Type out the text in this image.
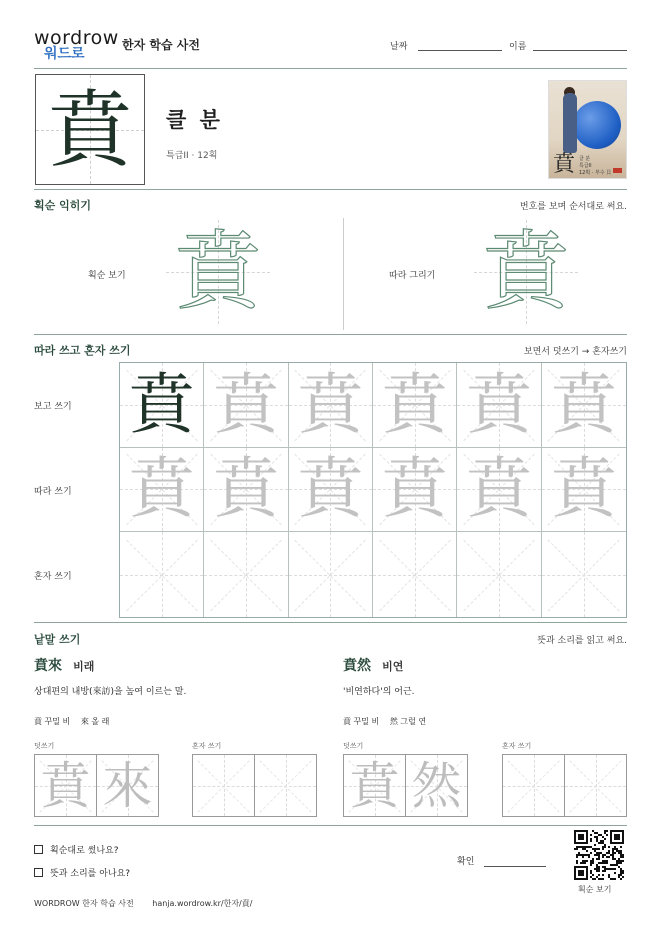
wordrow
워드로
한자 학습 사전	날짜	이름
賁	클 분
특급II · 12획	賁 클 분
특급II
12획 · 부수 貝
획순 익히기	번호를 보며 순서대로 써요.
획순 보기 賁	따라 그리기 賁
따라 쓰고 혼자 쓰기	보면서 덧쓰기 → 혼자쓰기
보고 쓰기
따라 쓰기
혼자 쓰기
賁 賁 賁 賁 賁 賁
賁 賁 賁 賁 賁 賁
낱말 쓰기	뜻과 소리를 읽고 써요.
賁來 비래
상대편의 내방(來訪)을 높여 이르는 말.
賁 꾸밀 비 來 올 래
덧쓰기	혼자 쓰기
賁 來
賁然 비연
'비연하다'의 어근.
賁 꾸밀 비 然 그럴 연
덧쓰기	혼자 쓰기
賁 然
획순대로 썼나요?
뜻과 소리를 아나요?
확인
획순 보기
WORDROW 한자 학습 사전 hanja.wordrow.kr/한자/賁/
